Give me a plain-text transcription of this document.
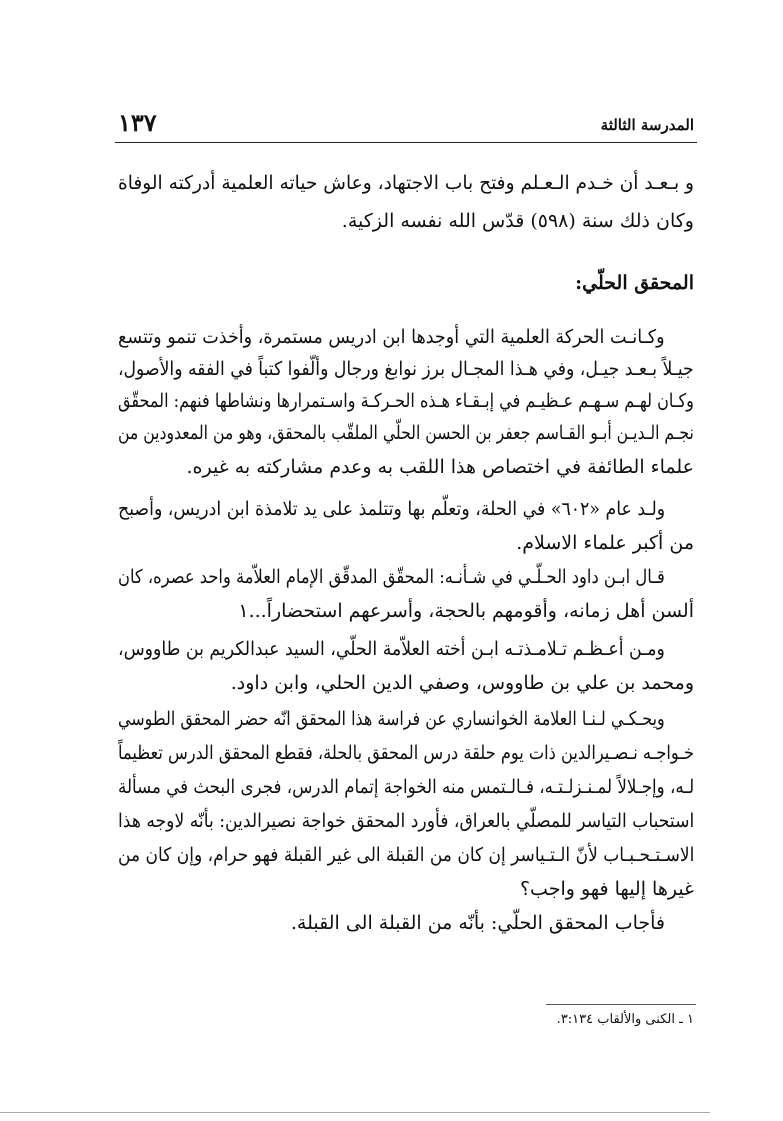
١٣٧	المدرسة الثالثة
و بـعـد أن خـدم الـعـلم وفتح باب الاجتهاد، وعاش حياته العلمية أدركته الوفاة
وكان ذلك سنة (٥٩٨) قدّس الله نفسه الزكية.
المحقق الحلّي:
وكـانـت الحركة العلمية التي أوجدها ابن ادريس مستمرة، وأخذت تنمو وتتسع
جيـلاً بـعـد جيـل، وفي هـذا المجـال برز نوابغ ورجال وألّفوا كتباً في الفقه والأصول،
وكـان لهـم سـهـم عـظيـم في إبـقـاء هـذه الحـركـة واسـتمرارها ونشاطها فنهم: المحقّق
نجـم الـديـن أبـو القـاسم جعفر بن الحسن الحلّي الملقّب بالمحقق، وهو من المعدودين من
علماء الطائفة في اختصاص هذا اللقب به وعدم مشاركته به غيره.
ولـد عام «٦٠٢» في الحلة، وتعلّم بها وتتلمذ على يد تلامذة ابن ادريس، وأصبح
من أكبر علماء الاسلام.
قـال ابـن داود الحـلّـي في شـأنـه: المحقّق المدقّق الإمام العلاّمة واحد عصره، كان
ألسن أهل زمانه، وأقومهم بالحجة، وأسرعهم استحضاراً...١
ومـن أعـظـم تـلامـذتـه ابـن أخته العلاّمة الحلّي، السيد عبدالكريم بن طاووس،
ومحمد بن علي بن طاووس، وصفي الدين الحلي، وابن داود.
ويحـكـي لـنـا العلامة الخوانساري عن فراسة هذا المحقق انّه حضر المحقق الطوسي
خـواجـه نـصـيرالدين ذات يوم حلقة درس المحقق بالحلة، فقطع المحقق الدرس تعظيماً
لـه، وإجـلالاً لمـنـزلـتـه، فـالـتمس منه الخواجة إتمام الدرس، فجرى البحث في مسألة
استحباب التياسر للمصلّي بالعراق، فأورد المحقق خواجة نصيرالدين: بأنّه لاوجه هذا
الاسـتـحـبـاب لأنّ الـتـياسر إن كان من القبلة الى غير القبلة فهو حرام، وإن كان من
غيرها إليها فهو واجب؟
فأجاب المحقق الحلّي: بأنّه من القبلة الى القبلة.
١ ـ الكنى والألقاب ٣:١٣٤.
